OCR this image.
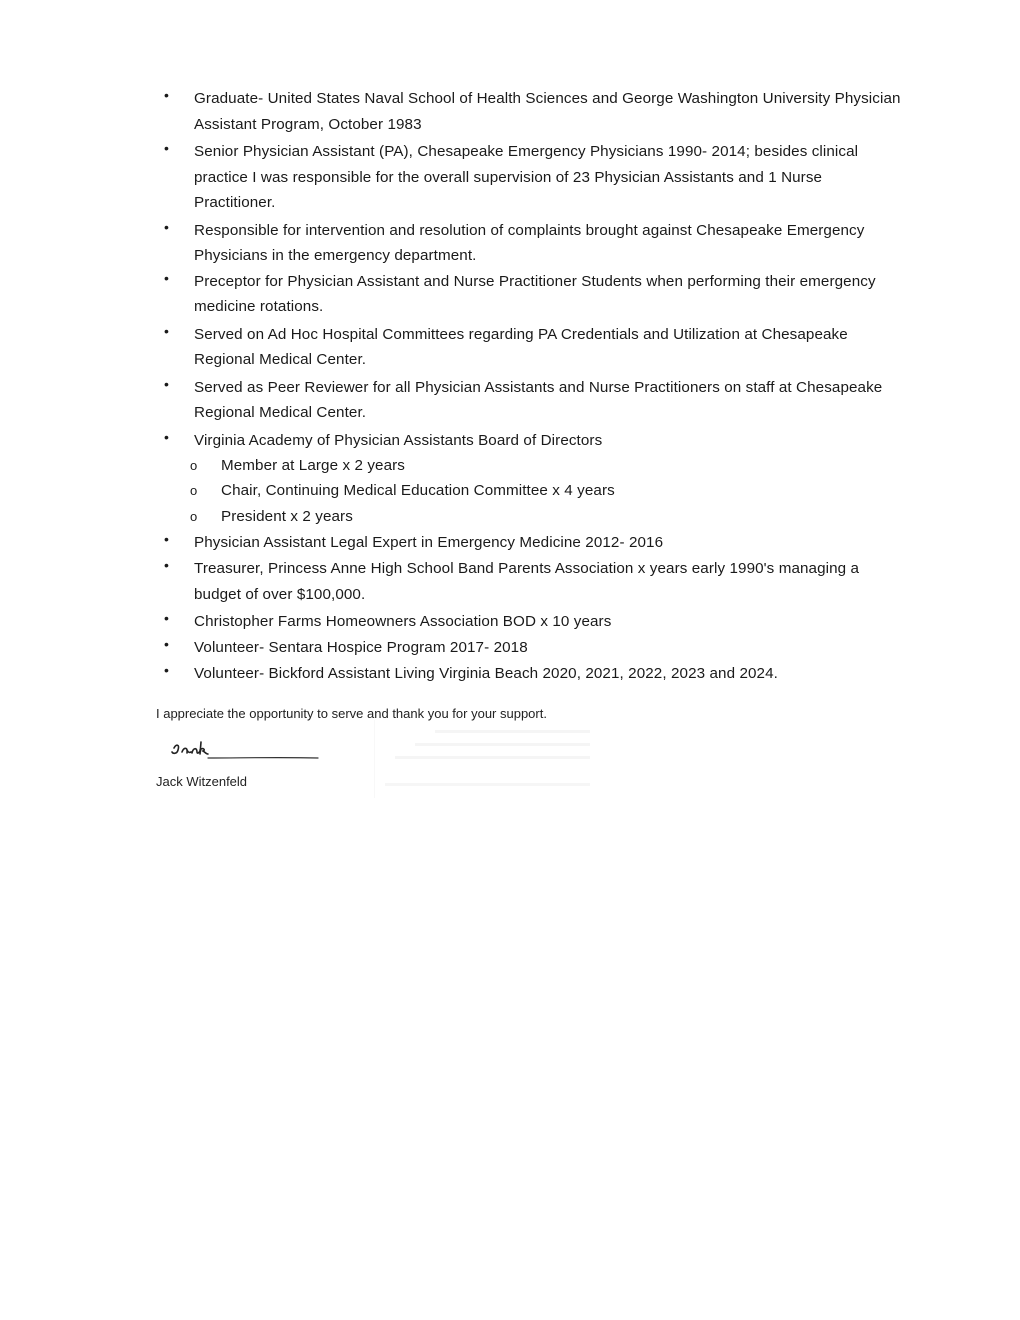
• Graduate- United States Naval School of Health Sciences and George Washington University Physician Assistant Program, October 1983
• Senior Physician Assistant (PA), Chesapeake Emergency Physicians 1990- 2014; besides clinical practice I was responsible for the overall supervision of 23 Physician Assistants and 1 Nurse Practitioner.
• Responsible for intervention and resolution of complaints brought against Chesapeake Emergency Physicians in the emergency department.
• Preceptor for Physician Assistant and Nurse Practitioner Students when performing their emergency medicine rotations.
• Served on Ad Hoc Hospital Committees regarding PA Credentials and Utilization at Chesapeake Regional Medical Center.
• Served as Peer Reviewer for all Physician Assistants and Nurse Practitioners on staff at Chesapeake Regional Medical Center.
• Virginia Academy of Physician Assistants Board of Directors
o Member at Large x 2 years
o Chair, Continuing Medical Education Committee x 4 years
o President x 2 years
• Physician Assistant Legal Expert in Emergency Medicine 2012- 2016
• Treasurer, Princess Anne High School Band Parents Association x years early 1990's managing a budget of over $100,000.
• Christopher Farms Homeowners Association BOD x 10 years
• Volunteer- Sentara Hospice Program 2017- 2018
• Volunteer- Bickford Assistant Living Virginia Beach 2020, 2021, 2022, 2023 and 2024.
I appreciate the opportunity to serve and thank you for your support.
Jack Witzenfeld
